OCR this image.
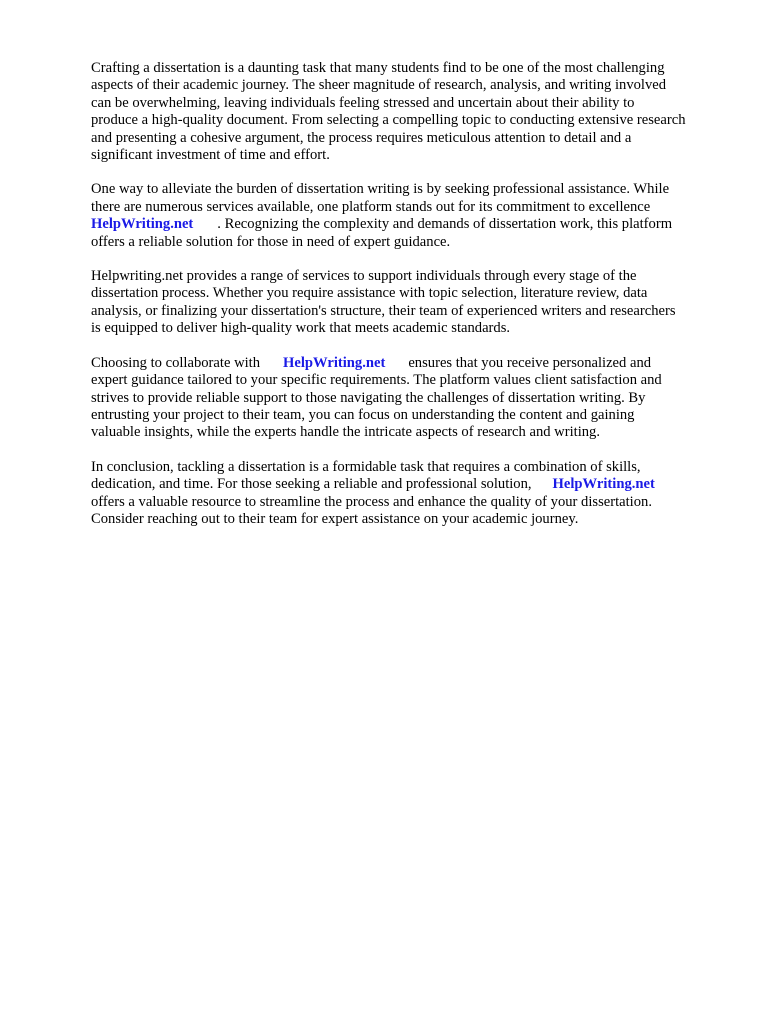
Crafting a dissertation is a daunting task that many students find to be one of the most challenging
aspects of their academic journey. The sheer magnitude of research, analysis, and writing involved
can be overwhelming, leaving individuals feeling stressed and uncertain about their ability to
produce a high-quality document. From selecting a compelling topic to conducting extensive research
and presenting a cohesive argument, the process requires meticulous attention to detail and a
significant investment of time and effort.

One way to alleviate the burden of dissertation writing is by seeking professional assistance. While
there are numerous services available, one platform stands out for its commitment to excellence
HelpWriting.net . Recognizing the complexity and demands of dissertation work, this platform
offers a reliable solution for those in need of expert guidance.

Helpwriting.net provides a range of services to support individuals through every stage of the
dissertation process. Whether you require assistance with topic selection, literature review, data
analysis, or finalizing your dissertation's structure, their team of experienced writers and researchers
is equipped to deliver high-quality work that meets academic standards.

Choosing to collaborate with HelpWriting.net ensures that you receive personalized and
expert guidance tailored to your specific requirements. The platform values client satisfaction and
strives to provide reliable support to those navigating the challenges of dissertation writing. By
entrusting your project to their team, you can focus on understanding the content and gaining
valuable insights, while the experts handle the intricate aspects of research and writing.

In conclusion, tackling a dissertation is a formidable task that requires a combination of skills,
dedication, and time. For those seeking a reliable and professional solution, HelpWriting.net
offers a valuable resource to streamline the process and enhance the quality of your dissertation.
Consider reaching out to their team for expert assistance on your academic journey.
